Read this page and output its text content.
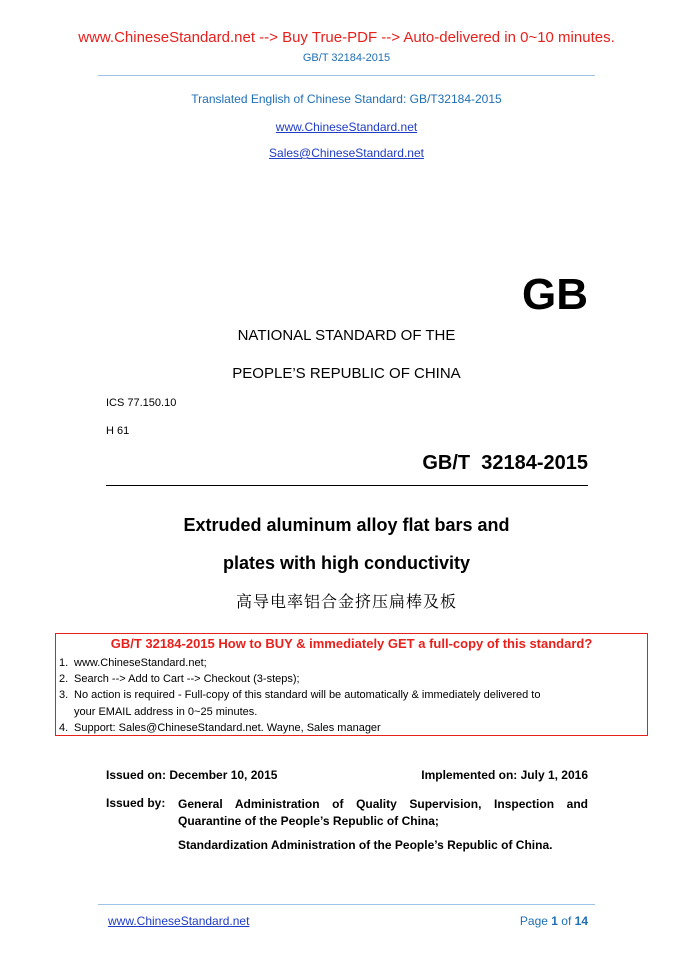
www.ChineseStandard.net --> Buy True-PDF --> Auto-delivered in 0~10 minutes.
GB/T 32184-2015
Translated English of Chinese Standard: GB/T32184-2015
www.ChineseStandard.net
Sales@ChineseStandard.net
GB
NATIONAL STANDARD OF THE
PEOPLE’S REPUBLIC OF CHINA
ICS 77.150.10
H 61
GB/T  32184-2015
Extruded aluminum alloy flat bars and
plates with high conductivity
高导电率铝合金挤压扁棒及板
GB/T 32184-2015 How to BUY & immediately GET a full-copy of this standard?
1. www.ChineseStandard.net;
2. Search --> Add to Cart --> Checkout (3-steps);
3. No action is required - Full-copy of this standard will be automatically & immediately delivered to
your EMAIL address in 0~25 minutes.
4. Support: Sales@ChineseStandard.net. Wayne, Sales manager
Issued on: December 10, 2015	Implemented on: July 1, 2016
Issued by: General Administration of Quality Supervision, Inspection and Quarantine of the People’s Republic of China;
Standardization Administration of the People’s Republic of China.
www.ChineseStandard.net	Page 1 of 14
